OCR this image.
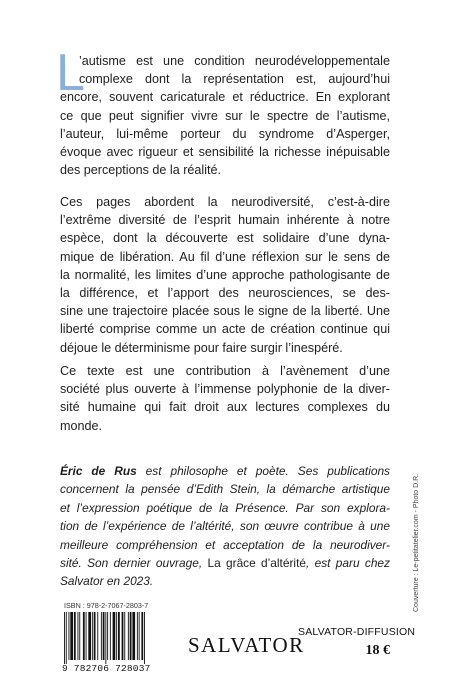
L
’autisme est une condition neurodéveloppementale
complexe dont la représentation est, aujourd’hui
encore, souvent caricaturale et réductrice. En explorant
ce que peut signifier vivre sur le spectre de l’autisme,
l’auteur, lui-même porteur du syndrome d’Asperger,
évoque avec rigueur et sensibilité la richesse inépuisable
des perceptions de la réalité.
Ces pages abordent la neurodiversité, c’est-à-dire
l’extrême diversité de l’esprit humain inhérente à notre
espèce, dont la découverte est solidaire d’une dyna-
mique de libération. Au fil d’une réflexion sur le sens de
la normalité, les limites d’une approche pathologisante de
la différence, et l’apport des neurosciences, se des-
sine une trajectoire placée sous le signe de la liberté. Une
liberté comprise comme un acte de création continue qui
déjoue le déterminisme pour faire surgir l’inespéré.
Ce texte est une contribution à l’avènement d’une
société plus ouverte à l’immense polyphonie de la diver-
sité humaine qui fait droit aux lectures complexes du
monde.
Éric de Rus est philosophe et poète. Ses publications
concernent la pensée d’Edith Stein, la démarche artistique
et l’expression poétique de la Présence. Par son explora-
tion de l’expérience de l’altérité, son œuvre contribue à une
meilleure compréhension et acceptation de la neurodiver-
sité. Son dernier ouvrage, La grâce d’altérité, est paru chez
Salvator en 2023.	Couverture : Le-petitatelier.com - Photo D.R.
ISBN : 978-2-7067-2803-7
9 782706 728037
SALVATOR
SALVATOR-DIFFUSION
18 €
